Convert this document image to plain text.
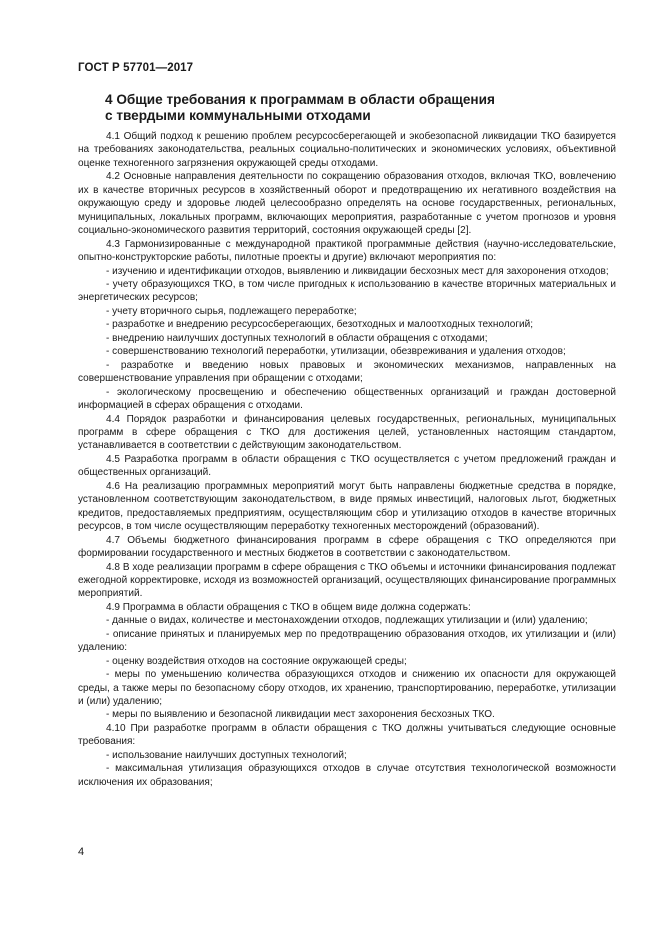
ГОСТ Р 57701—2017
4 Общие требования к программам в области обращения
с твердыми коммунальными отходами

4.1 Общий подход к решению проблем ресурсосберегающей и экобезопасной ликвидации ТКО базируется на требованиях законодательства, реальных социально-политических и экономических условиях, объективной оценке техногенного загрязнения окружающей среды отходами.

4.2 Основные направления деятельности по сокращению образования отходов, включая ТКО, вовлечению их в качестве вторичных ресурсов в хозяйственный оборот и предотвращению их негативного воздействия на окружающую среду и здоровье людей целесообразно определять на основе государственных, региональных, муниципальных, локальных программ, включающих мероприятия, разработанные с учетом прогнозов и уровня социально-экономического развития территорий, состояния окружающей среды [2].

4.3 Гармонизированные с международной практикой программные действия (научно-исследовательские, опытно-конструкторские работы, пилотные проекты и другие) включают мероприятия по:

- изучению и идентификации отходов, выявлению и ликвидации бесхозных мест для захоронения отходов;

- учету образующихся ТКО, в том числе пригодных к использованию в качестве вторичных материальных и энергетических ресурсов;

- учету вторичного сырья, подлежащего переработке;

- разработке и внедрению ресурсосберегающих, безотходных и малоотходных технологий;

- внедрению наилучших доступных технологий в области обращения с отходами;

- совершенствованию технологий переработки, утилизации, обезвреживания и удаления отходов;

- разработке и введению новых правовых и экономических механизмов, направленных на совершенствование управления при обращении с отходами;

- экологическому просвещению и обеспечению общественных организаций и граждан достоверной информацией в сферах обращения с отходами.

4.4 Порядок разработки и финансирования целевых государственных, региональных, муниципальных программ в сфере обращения с ТКО для достижения целей, установленных настоящим стандартом, устанавливается в соответствии с действующим законодательством.

4.5 Разработка программ в области обращения с ТКО осуществляется с учетом предложений граждан и общественных организаций.

4.6 На реализацию программных мероприятий могут быть направлены бюджетные средства в порядке, установленном соответствующим законодательством, в виде прямых инвестиций, налоговых льгот, бюджетных кредитов, предоставляемых предприятиям, осуществляющим сбор и утилизацию отходов в качестве вторичных ресурсов, в том числе осуществляющим переработку техногенных месторождений (образований).

4.7 Объемы бюджетного финансирования программ в сфере обращения с ТКО определяются при формировании государственного и местных бюджетов в соответствии с законодательством.

4.8 В ходе реализации программ в сфере обращения с ТКО объемы и источники финансирования подлежат ежегодной корректировке, исходя из возможностей организаций, осуществляющих финансирование программных мероприятий.

4.9 Программа в области обращения с ТКО в общем виде должна содержать:

- данные о видах, количестве и местонахождении отходов, подлежащих утилизации и (или) удалению;

- описание принятых и планируемых мер по предотвращению образования отходов, их утилизации и (или) удалению:

- оценку воздействия отходов на состояние окружающей среды;

- меры по уменьшению количества образующихся отходов и снижению их опасности для окружающей среды, а также меры по безопасному сбору отходов, их хранению, транспортированию, переработке, утилизации и (или) удалению;

- меры по выявлению и безопасной ликвидации мест захоронения бесхозных ТКО.

4.10 При разработке программ в области обращения с ТКО должны учитываться следующие основные требования:

- использование наилучших доступных технологий;

- максимальная утилизация образующихся отходов в случае отсутствия технологической возможности исключения их образования;

4
